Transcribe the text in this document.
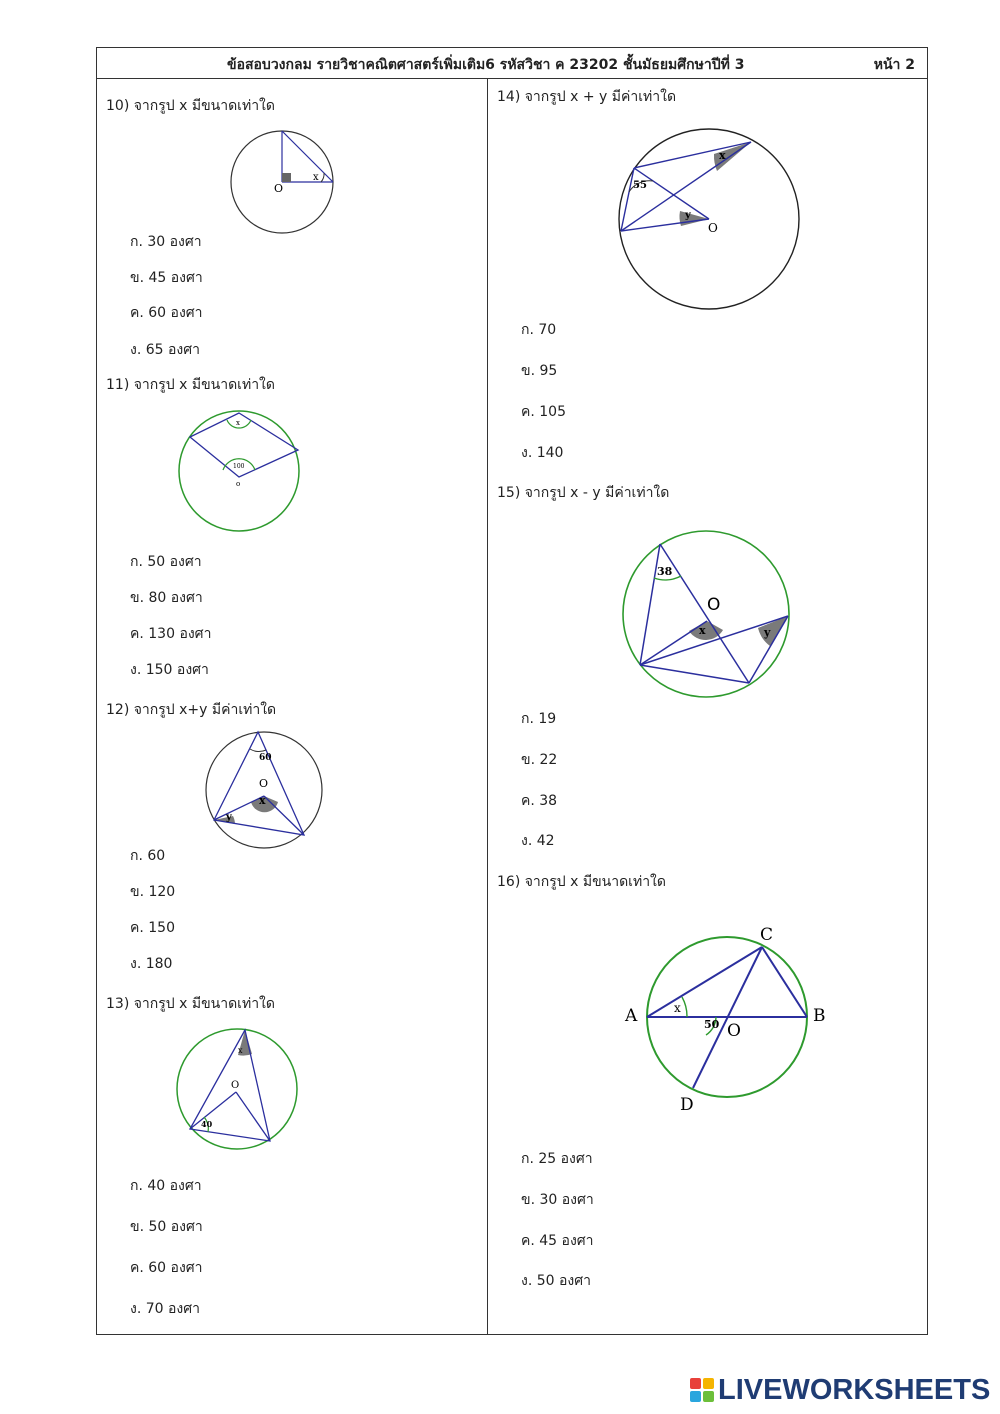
ข้อสอบวงกลม รายวิชาคณิตศาสตร์เพิ่มเติม6 รหัสวิชา ค 23202 ชั้นมัธยมศึกษาปีที่ 3	หน้า 2
10) จากรูป x มีขนาดเท่าใด
O
x
ก. 30 องศา
ข. 45 องศา
ค. 60 องศา
ง. 65 องศา
11) จากรูป x มีขนาดเท่าใด
x
100
o
ก. 50 องศา
ข. 80 องศา
ค. 130 องศา
ง. 150 องศา
12) จากรูป x+y มีค่าเท่าใด
60
O
x
y
ก. 60
ข. 120
ค. 150
ง. 180
13) จากรูป x มีขนาดเท่าใด
x
O
40
ก. 40 องศา
ข. 50 องศา
ค. 60 องศา
ง. 70 องศา
14) จากรูป x + y มีค่าเท่าใด
x
55
y
O
ก. 70
ข. 95
ค. 105
ง. 140
15) จากรูป x - y มีค่าเท่าใด
38
O
x	y
ก. 19
ข. 22
ค. 38
ง. 42
16) จากรูป x มีขนาดเท่าใด
A	B
C
D
O
x
50
ก. 25 องศา
ข. 30 องศา
ค. 45 องศา
ง. 50 องศา
LIVEWORKSHEETS
